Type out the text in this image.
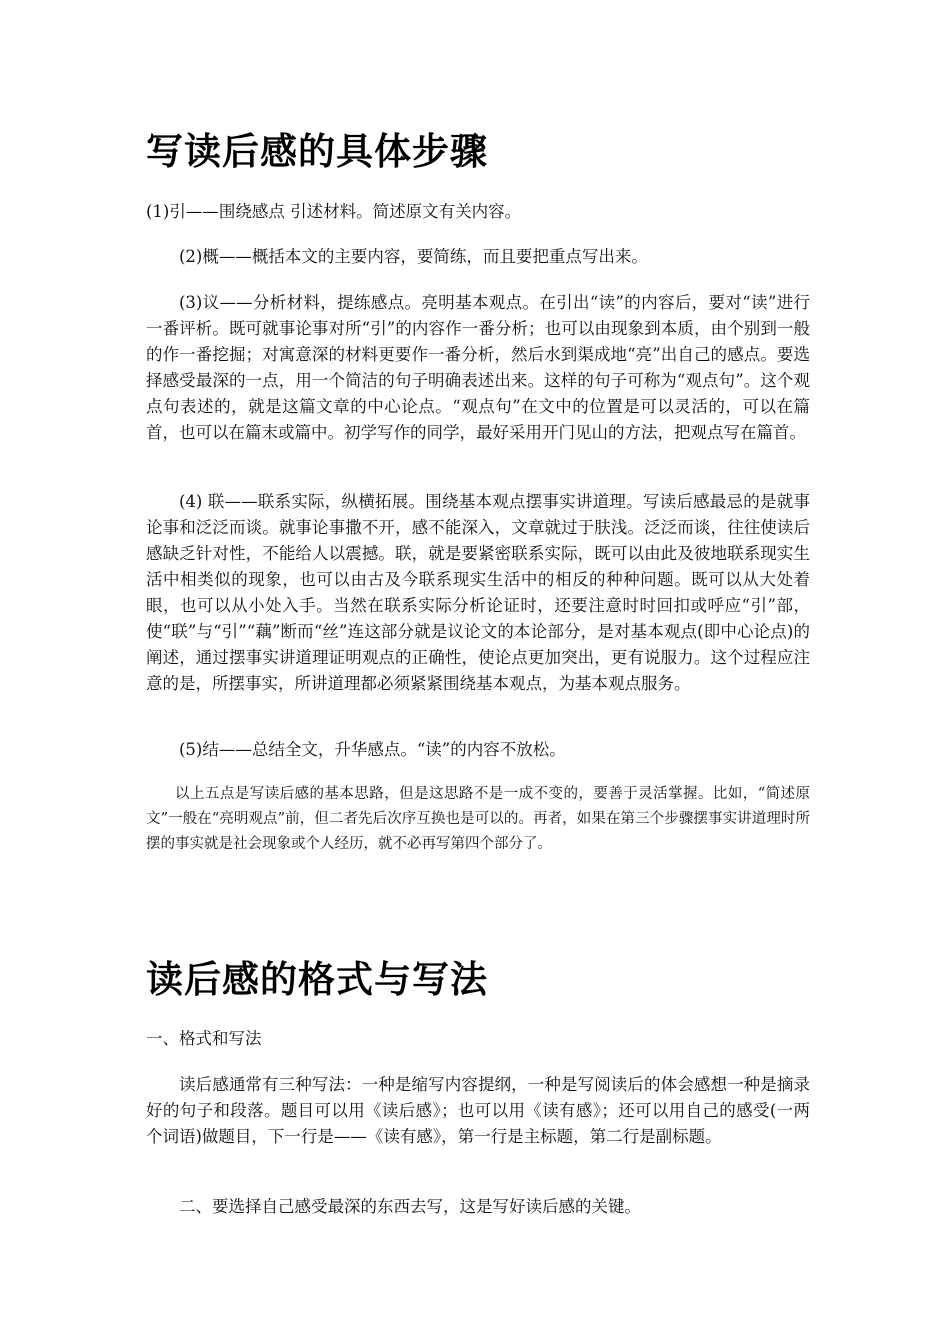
写读后感的具体步骤

(1)引——围绕感点 引述材料。简述原文有关内容。

(2)概——概括本文的主要内容，要简练，而且要把重点写出来。

(3)议——分析材料，提练感点。亮明基本观点。在引出“读”的内容后，要对“读”进行一番评析。既可就事论事对所“引”的内容作一番分析；也可以由现象到本质，由个别到一般的作一番挖掘；对寓意深的材料更要作一番分析，然后水到渠成地“亮”出自己的感点。要选择感受最深的一点，用一个简洁的句子明确表述出来。这样的句子可称为“观点句”。这个观点句表述的，就是这篇文章的中心论点。“观点句”在文中的位置是可以灵活的，可以在篇首，也可以在篇末或篇中。初学写作的同学，最好采用开门见山的方法，把观点写在篇首。

(4) 联——联系实际，纵横拓展。围绕基本观点摆事实讲道理。写读后感最忌的是就事论事和泛泛而谈。就事论事撒不开，感不能深入，文章就过于肤浅。泛泛而谈，往往使读后感缺乏针对性，不能给人以震撼。联，就是要紧密联系实际，既可以由此及彼地联系现实生活中相类似的现象，也可以由古及今联系现实生活中的相反的种种问题。既可以从大处着眼，也可以从小处入手。当然在联系实际分析论证时，还要注意时时回扣或呼应“引”部，使“联”与“引”“藕”断而“丝”连这部分就是议论文的本论部分，是对基本观点(即中心论点)的阐述，通过摆事实讲道理证明观点的正确性，使论点更加突出，更有说服力。这个过程应注意的是，所摆事实，所讲道理都必须紧紧围绕基本观点，为基本观点服务。

(5)结——总结全文，升华感点。“读”的内容不放松。

以上五点是写读后感的基本思路，但是这思路不是一成不变的，要善于灵活掌握。比如，“简述原文”一般在“亮明观点”前，但二者先后次序互换也是可以的。再者，如果在第三个步骤摆事实讲道理时所摆的事实就是社会现象或个人经历，就不必再写第四个部分了。

读后感的格式与写法

一、格式和写法

读后感通常有三种写法：一种是缩写内容提纲，一种是写阅读后的体会感想一种是摘录好的句子和段落。题目可以用《读后感》；也可以用《读有感》；还可以用自己的感受(一两个词语)做题目，下一行是——《读有感》，第一行是主标题，第二行是副标题。

二、要选择自己感受最深的东西去写，这是写好读后感的关键。
